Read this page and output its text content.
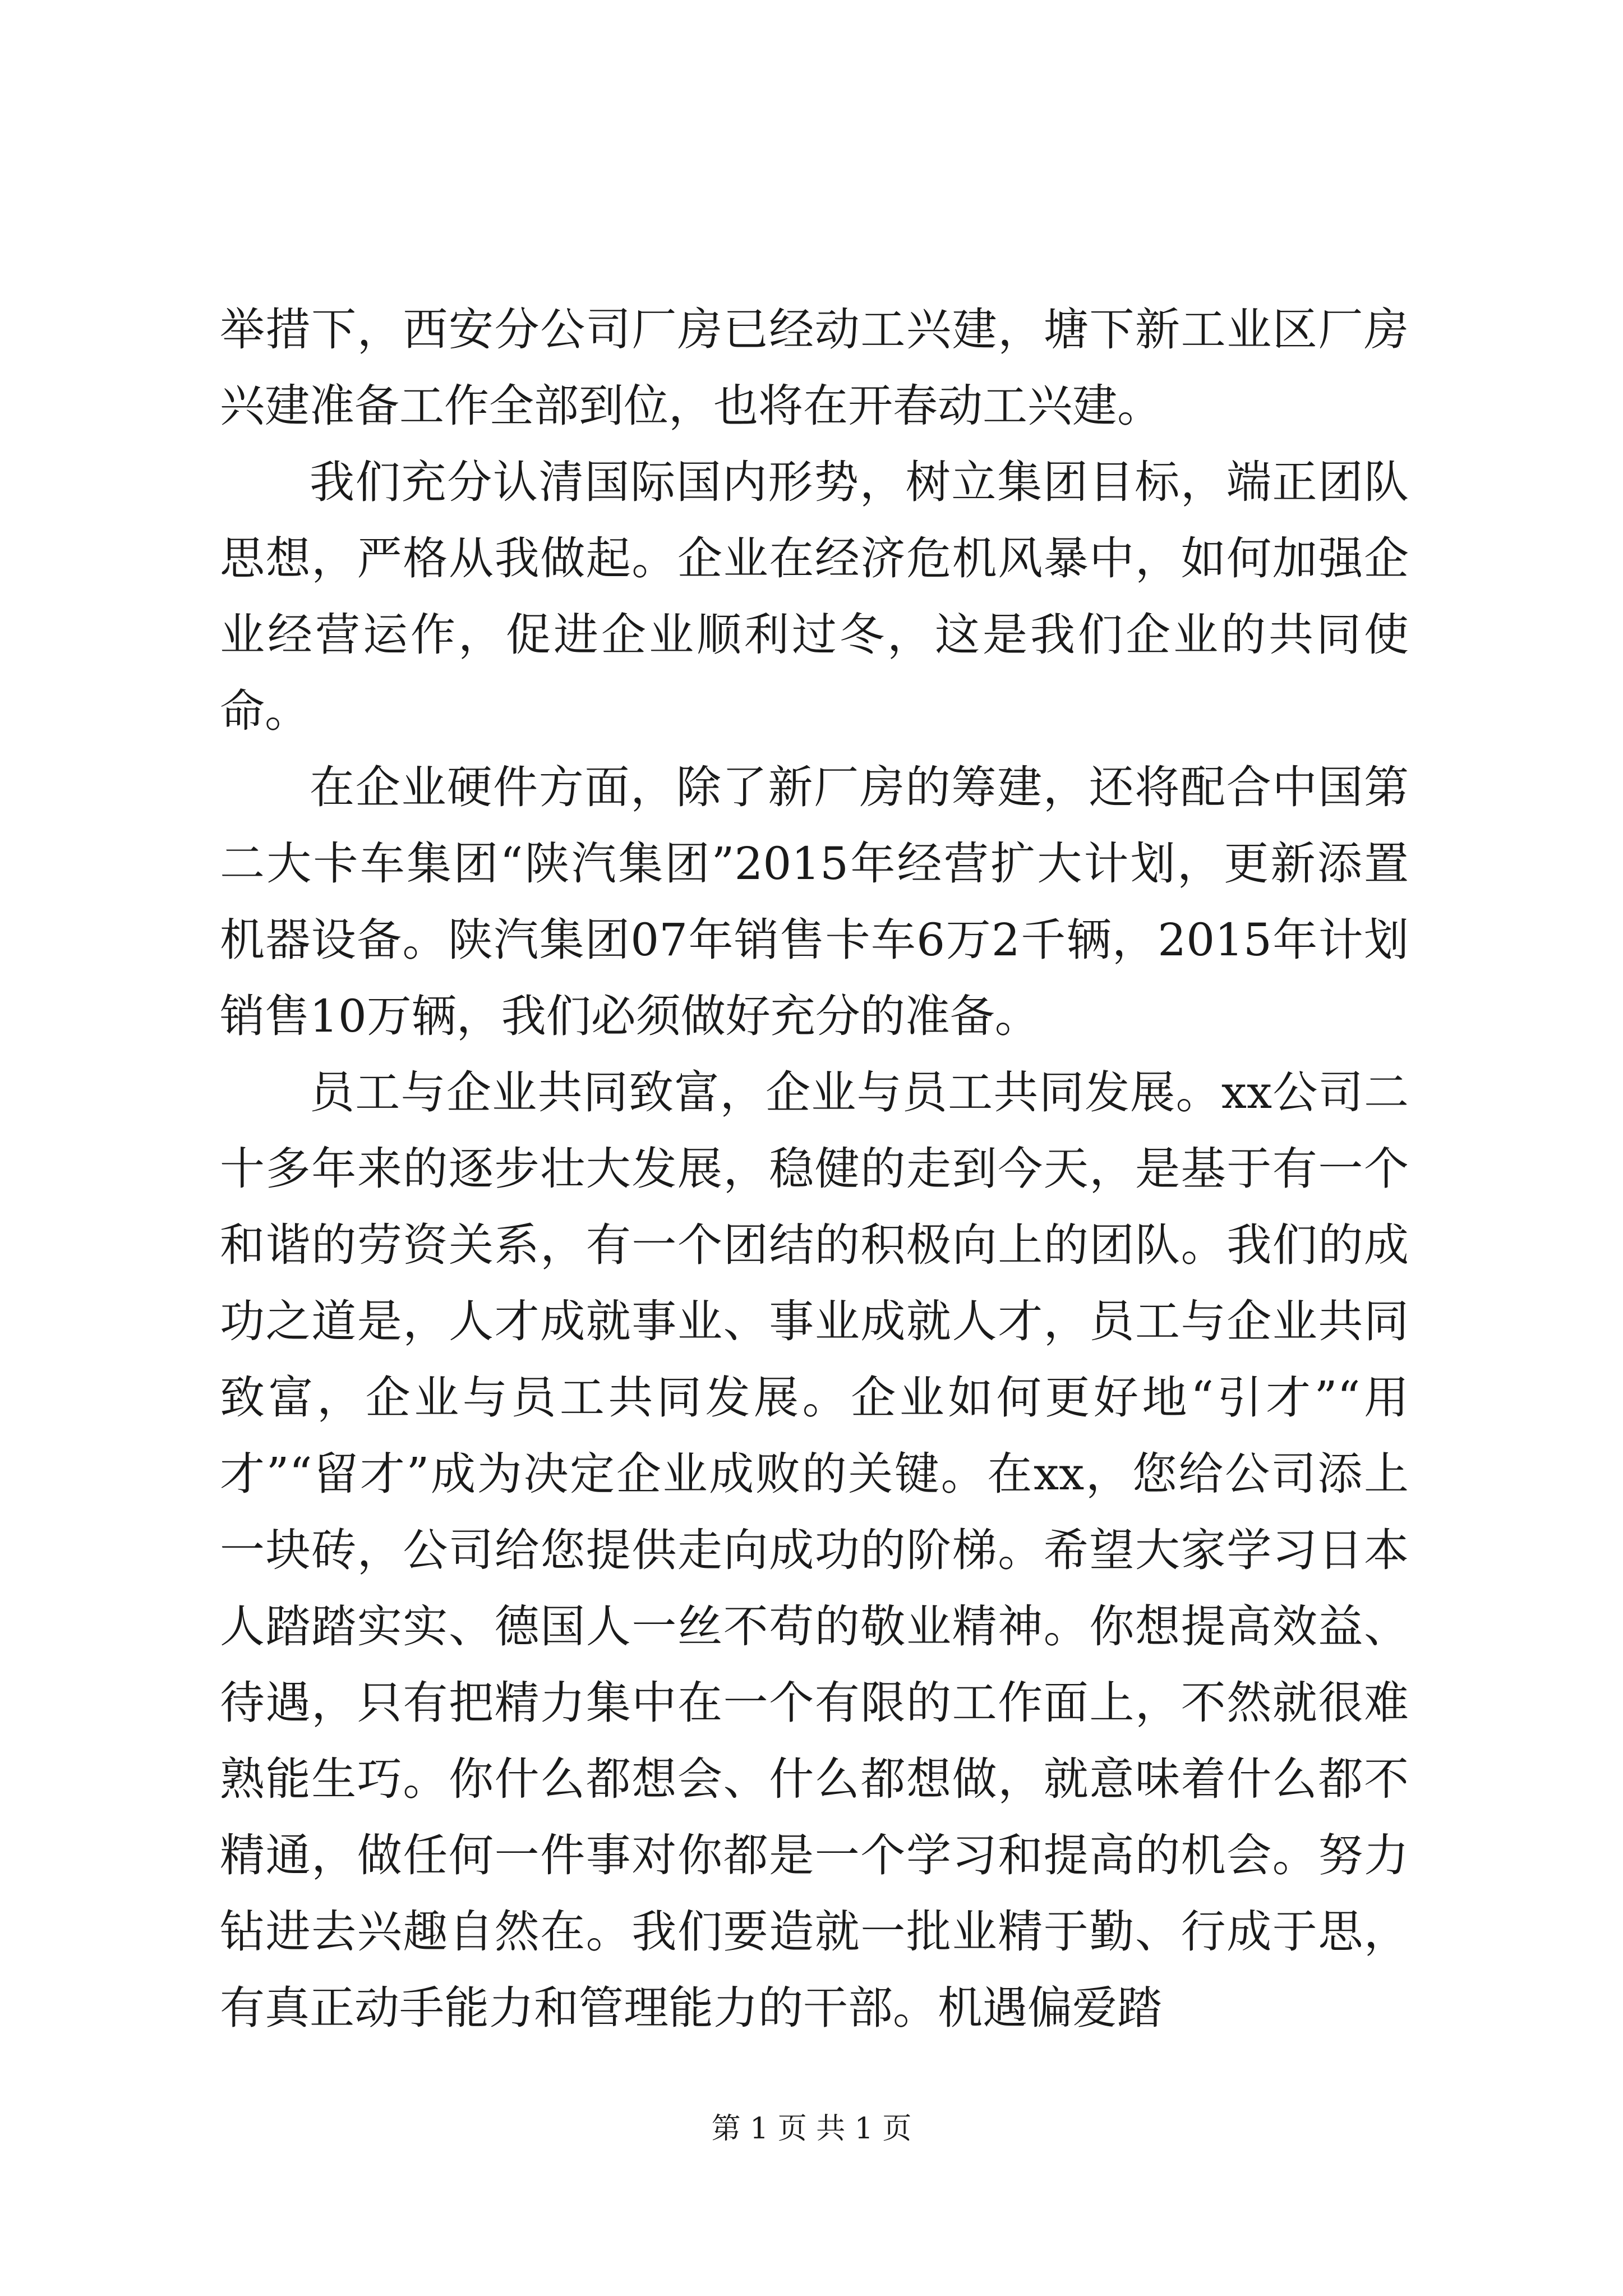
举措下，西安分公司厂房已经动工兴建，塘下新工业区厂房兴建准备工作全部到位，也将在开春动工兴建。

我们充分认清国际国内形势，树立集团目标，端正团队思想，严格从我做起。企业在经济危机风暴中，如何加强企业经营运作，促进企业顺利过冬，这是我们企业的共同使命。

在企业硬件方面，除了新厂房的筹建，还将配合中国第二大卡车集团“陕汽集团”2015年经营扩大计划，更新添置机器设备。陕汽集团07年销售卡车6万2千辆，2015年计划销售10万辆，我们必须做好充分的准备。

员工与企业共同致富，企业与员工共同发展。xx公司二十多年来的逐步壮大发展，稳健的走到今天，是基于有一个和谐的劳资关系，有一个团结的积极向上的团队。我们的成功之道是，人才成就事业、事业成就人才，员工与企业共同致富，企业与员工共同发展。企业如何更好地“引才”“用才”“留才”成为决定企业成败的关键。在xx，您给公司添上一块砖，公司给您提供走向成功的阶梯。希望大家学习日本人踏踏实实、德国人一丝不苟的敬业精神。你想提高效益、待遇，只有把精力集中在一个有限的工作面上，不然就很难熟能生巧。你什么都想会、什么都想做，就意味着什么都不精通，做任何一件事对你都是一个学习和提高的机会。努力钻进去兴趣自然在。我们要造就一批业精于勤、行成于思，有真正动手能力和管理能力的干部。机遇偏爱踏

第 1 页 共 1 页
